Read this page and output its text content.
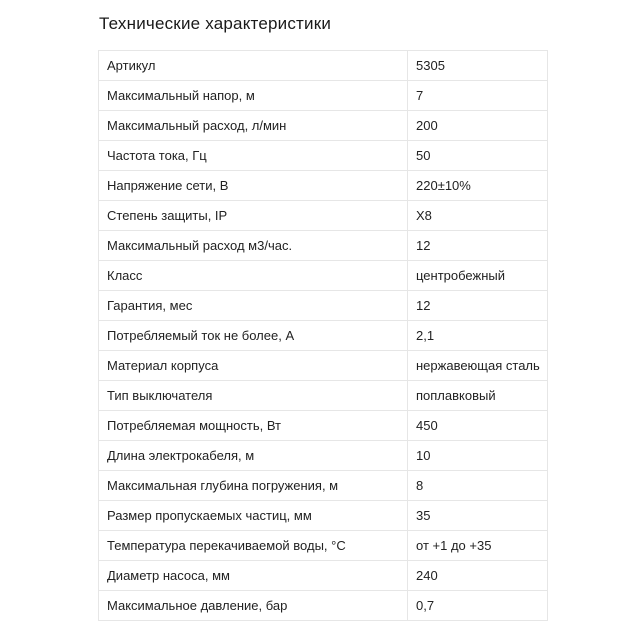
Технические характеристики
Артикул	5305
Максимальный напор, м	7
Максимальный расход, л/мин	200
Частота тока, Гц	50
Напряжение сети, В	220±10%
Степень защиты, IP	X8
Максимальный расход м3/час.	12
Класс	центробежный
Гарантия, мес	12
Потребляемый ток не более, А	2,1
Материал корпуса	нержавеющая сталь
Тип выключателя	поплавковый
Потребляемая мощность, Вт	450
Длина электрокабеля, м	10
Максимальная глубина погружения, м	8
Размер пропускаемых частиц, мм	35
Температура перекачиваемой воды, °С	от +1 до +35
Диаметр насоса, мм	240
Максимальное давление, бар	0,7
